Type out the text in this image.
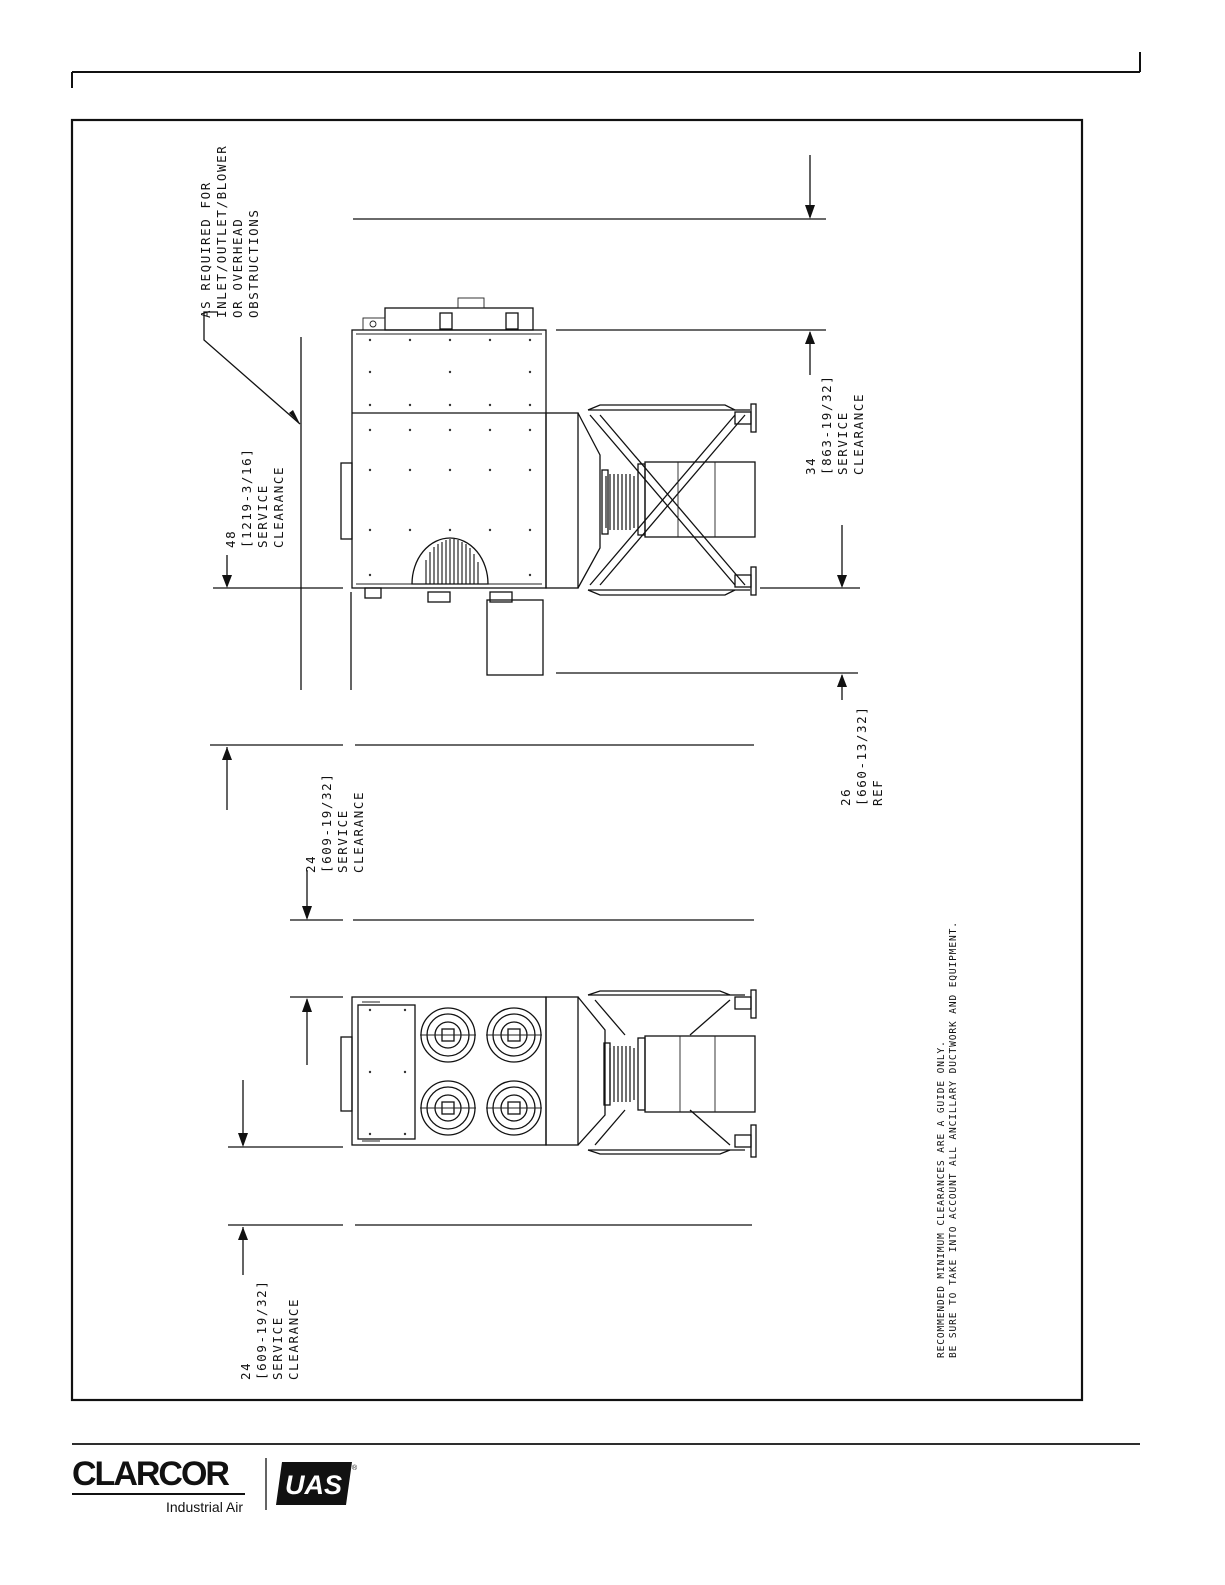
AS REQUIRED FOR INLET/OUTLET/BLOWER OR OVERHEAD OBSTRUCTIONS
48 [1219-3/16] SERVICE CLEARANCE	34 [863-19/32] SERVICE CLEARANCE
26 [660-13/32] REF
24 [609-19/32] SERVICE CLEARANCE
24 [609-19/32] SERVICE CLEARANCE	RECOMMENDED MINIMUM CLEARANCES ARE A GUIDE ONLY. BE SURE TO TAKE INTO ACCOUNT ALL ANCILLARY DUCTWORK AND EQUIPMENT.
CLARCOR
Industrial Air
UAS
®
